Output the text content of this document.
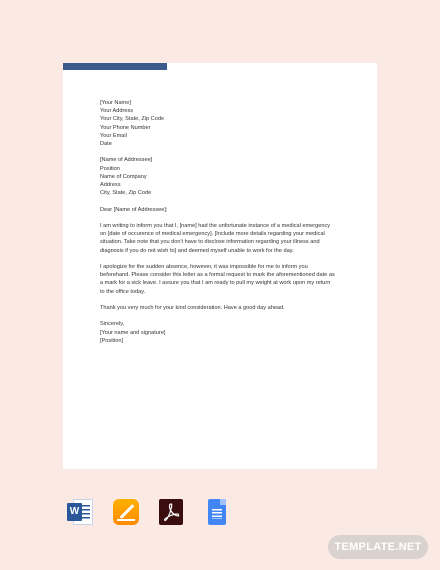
[Your Name]
Your Address
Your City, State, Zip Code
Your Phone Number
Your Email
Date
[Name of Addressee]
Position
Name of Company
Address
City, State, Zip Code
Dear [Name of Addressee];
I am writing to inform you that I, [name] had the unfortunate instance of a medical emergency
on [date of occurence of medical emergency]. [Include more details regarding your medical
situation. Take note that you don't have to disclose information regarding your illness and
diagnosis if you do not wish to] and deemed myself unable to work for the day.
I apologize for the sudden absence, however, it was impossible for me to inform you
beforehand. Please consider this letter as a formal request to mark the aforementioned date as
a mark for a sick leave. I assure you that I am ready to pull my weight at work upon my return
to the office today.
Thank you very much for your kind consideration. Have a good day ahead.
Sincerely,
[Your name and signature]
[Position]
W
TEMPLATE.NET
